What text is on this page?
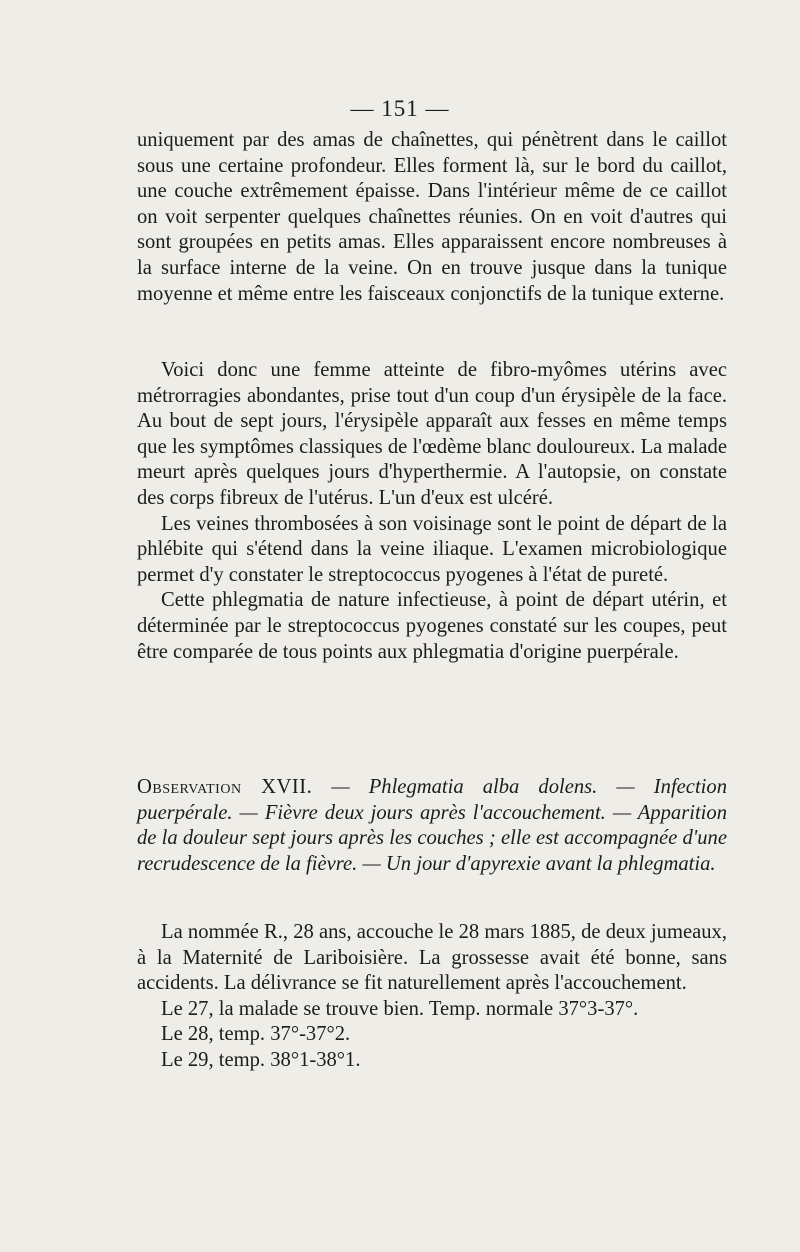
— 151 —

uniquement par des amas de chaînettes, qui pénètrent dans le caillot sous une certaine profondeur. Elles forment là, sur le bord du caillot, une couche extrêmement épaisse. Dans l'intérieur même de ce caillot on voit serpenter quelques chaînettes réunies. On en voit d'autres qui sont groupées en petits amas. Elles apparaissent encore nombreuses à la surface interne de la veine. On en trouve jusque dans la tunique moyenne et même entre les faisceaux conjonctifs de la tunique externe.

Voici donc une femme atteinte de fibro-myômes utérins avec métrorragies abondantes, prise tout d'un coup d'un érysipèle de la face. Au bout de sept jours, l'érysipèle apparaît aux fesses en même temps que les symptômes classiques de l'œdème blanc douloureux. La malade meurt après quelques jours d'hyperthermie. A l'autopsie, on constate des corps fibreux de l'utérus. L'un d'eux est ulcéré.

Les veines thrombosées à son voisinage sont le point de départ de la phlébite qui s'étend dans la veine iliaque. L'examen microbiologique permet d'y constater le streptococcus pyogenes à l'état de pureté.

Cette phlegmatia de nature infectieuse, à point de départ utérin, et déterminée par le streptococcus pyogenes constaté sur les coupes, peut être comparée de tous points aux phlegmatia d'origine puerpérale.

Observation XVII. — Phlegmatia alba dolens. — Infection puerpérale. — Fièvre deux jours après l'accouchement. — Apparition de la douleur sept jours après les couches ; elle est accompagnée d'une recrudescence de la fièvre. — Un jour d'apyrexie avant la phlegmatia.

La nommée R., 28 ans, accouche le 28 mars 1885, de deux jumeaux, à la Maternité de Lariboisière. La grossesse avait été bonne, sans accidents. La délivrance se fit naturellement après l'accouchement.

Le 27, la malade se trouve bien. Temp. normale 37°3-37°.

Le 28, temp. 37°-37°2.

Le 29, temp. 38°1-38°1.
